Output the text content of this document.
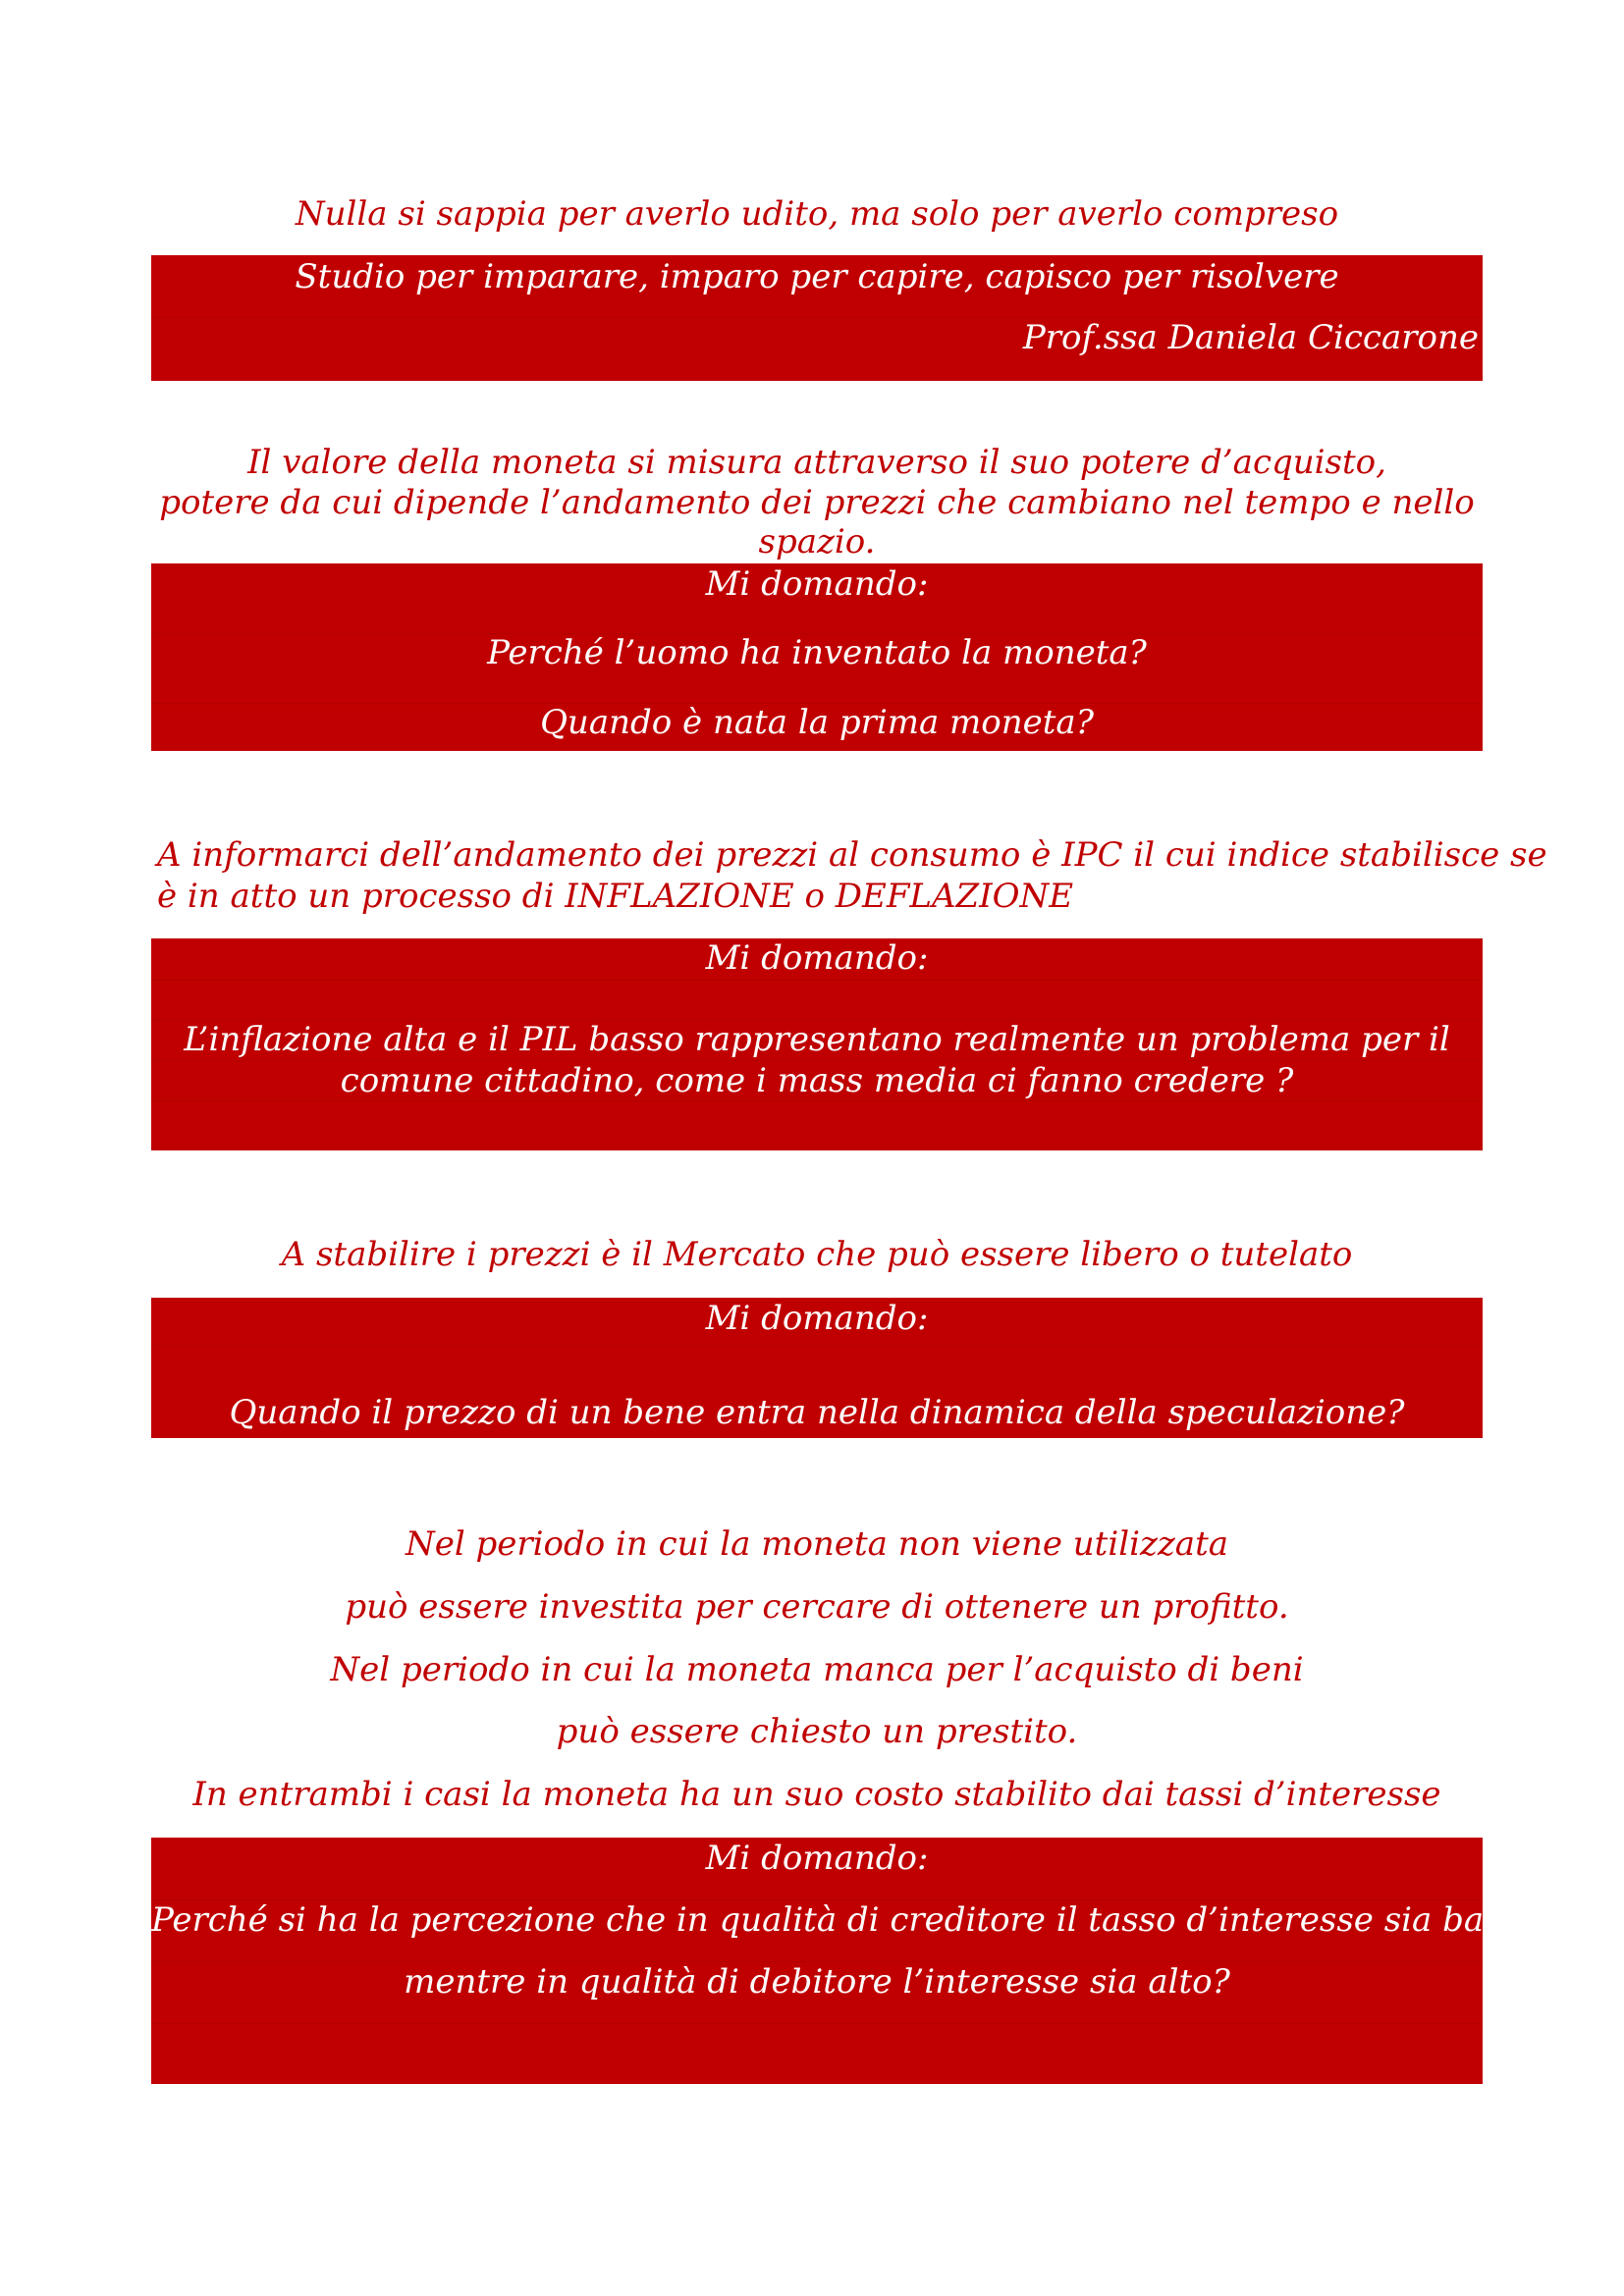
Nulla si sappia per averlo udito, ma solo per averlo compreso

Studio per imparare, imparo per capire, capisco per risolvere
Prof.ssa Daniela Ciccarone

Il valore della moneta si misura attraverso il suo potere d’acquisto,

potere da cui dipende l’andamento dei prezzi che cambiano nel tempo e nello

spazio.

Mi domando:
Perché l’uomo ha inventato la moneta?
Quando è nata la prima moneta?

A informarci dell’andamento dei prezzi al consumo è IPC il cui indice stabilisce se

è in atto un processo di INFLAZIONE o DEFLAZIONE

Mi domando:
L’inflazione alta e il PIL basso rappresentano realmente un problema per il
comune cittadino, come i mass media ci fanno credere ?

A stabilire i prezzi è il Mercato che può essere libero o tutelato

Mi domando:
Quando il prezzo di un bene entra nella dinamica della speculazione?

Nel periodo in cui la moneta non viene utilizzata

può essere investita per cercare di ottenere un profitto.

Nel periodo in cui la moneta manca per l’acquisto di beni

può essere chiesto un prestito.

In entrambi i casi la moneta ha un suo costo stabilito dai tassi d’interesse

Mi domando:
Perché si ha la percezione che in qualità di creditore il tasso d’interesse sia basso
mentre in qualità di debitore l’interesse sia alto?
